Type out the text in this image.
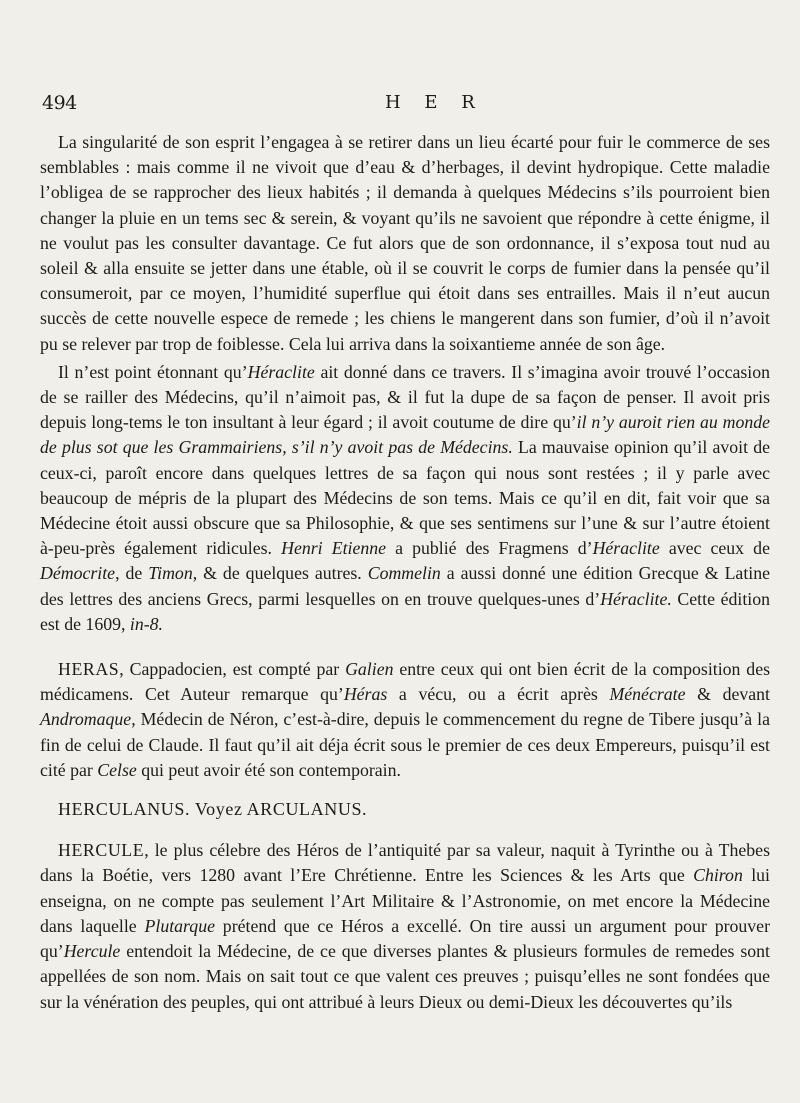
494	H E R

La singularité de son esprit l’engagea à se retirer dans un lieu écarté pour fuir le commerce de ses semblables : mais comme il ne vivoit que d’eau & d’herbages, il devint hydropique. Cette maladie l’obligea de se rapprocher des lieux habités ; il demanda à quelques Médecins s’ils pourroient bien changer la pluie en un tems sec & serein, & voyant qu’ils ne savoient que répondre à cette énigme, il ne voulut pas les consulter davantage. Ce fut alors que de son ordonnance, il s’exposa tout nud au soleil & alla ensuite se jetter dans une étable, où il se couvrit le corps de fumier dans la pensée qu’il consumeroit, par ce moyen, l’humidité superflue qui étoit dans ses entrailles. Mais il n’eut aucun succès de cette nouvelle espece de remede ; les chiens le mangerent dans son fumier, d’où il n’avoit pu se relever par trop de foiblesse. Cela lui arriva dans la soixantieme année de son âge.

Il n’est point étonnant qu’Héraclite ait donné dans ce travers. Il s’imagina avoir trouvé l’occasion de se railler des Médecins, qu’il n’aimoit pas, & il fut la dupe de sa façon de penser. Il avoit pris depuis long-tems le ton insultant à leur égard ; il avoit coutume de dire qu’il n’y auroit rien au monde de plus sot que les Grammairiens, s’il n’y avoit pas de Médecins. La mauvaise opinion qu’il avoit de ceux-ci, paroît encore dans quelques lettres de sa façon qui nous sont restées ; il y parle avec beaucoup de mépris de la plupart des Médecins de son tems. Mais ce qu’il en dit, fait voir que sa Médecine étoit aussi obscure que sa Philosophie, & que ses sentimens sur l’une & sur l’autre étoient à-peu-près également ridicules. Henri Etienne a publié des Fragmens d’Héraclite avec ceux de Démocrite, de Timon, & de quelques autres. Commelin a aussi donné une édition Grecque & Latine des lettres des anciens Grecs, parmi lesquelles on en trouve quelques-unes d’Héraclite. Cette édition est de 1609, in-8.

HERAS, Cappadocien, est compté par Galien entre ceux qui ont bien écrit de la composition des médicamens. Cet Auteur remarque qu’Héras a vécu, ou a écrit après Ménécrate & devant Andromaque, Médecin de Néron, c’est-à-dire, depuis le commencement du regne de Tibere jusqu’à la fin de celui de Claude. Il faut qu’il ait déja écrit sous le premier de ces deux Empereurs, puisqu’il est cité par Celse qui peut avoir été son contemporain.

HERCULANUS. Voyez ARCULANUS.

HERCULE, le plus célebre des Héros de l’antiquité par sa valeur, naquit à Tyrinthe ou à Thebes dans la Boétie, vers 1280 avant l’Ere Chrétienne. Entre les Sciences & les Arts que Chiron lui enseigna, on ne compte pas seulement l’Art Militaire & l’Astronomie, on met encore la Médecine dans laquelle Plutarque prétend que ce Héros a excellé. On tire aussi un argument pour prouver qu’Hercule entendoit la Médecine, de ce que diverses plantes & plusieurs formules de remedes sont appellées de son nom. Mais on sait tout ce que valent ces preuves ; puisqu’elles ne sont fondées que sur la vénération des peuples, qui ont attribué à leurs Dieux ou demi-Dieux les découvertes qu’ils
